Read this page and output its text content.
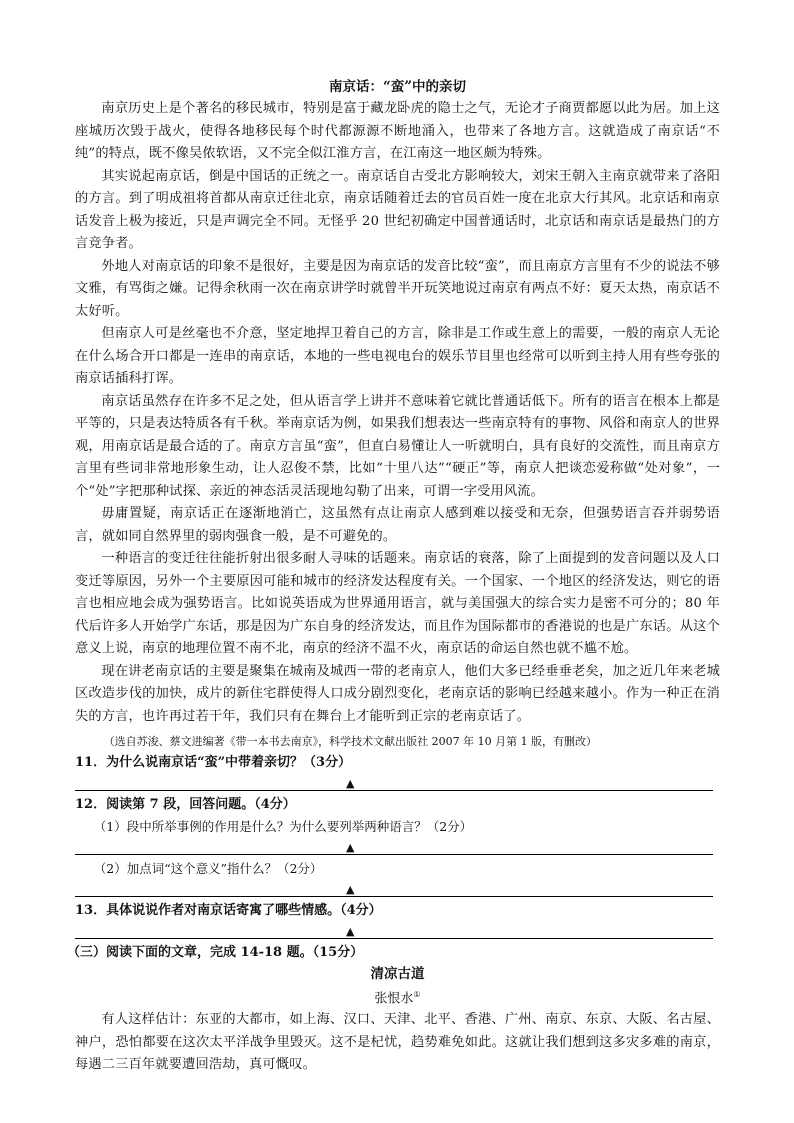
南京话：“蛮”中的亲切

南京历史上是个著名的移民城市，特别是富于藏龙卧虎的隐士之气，无论才子商贾都愿以此为居。加上这座城历次毁于战火，使得各地移民每个时代都源源不断地涌入，也带来了各地方言。这就造成了南京话“不纯”的特点，既不像吴侬软语，又不完全似江淮方言，在江南这一地区颇为特殊。

其实说起南京话，倒是中国话的正统之一。南京话自古受北方影响较大，刘宋王朝入主南京就带来了洛阳的方言。到了明成祖将首都从南京迁往北京，南京话随着迁去的官员百姓一度在北京大行其风。北京话和南京话发音上极为接近，只是声调完全不同。无怪乎 20 世纪初确定中国普通话时，北京话和南京话是最热门的方言竞争者。

外地人对南京话的印象不是很好，主要是因为南京话的发音比较“蛮”，而且南京方言里有不少的说法不够文雅，有骂街之嫌。记得余秋雨一次在南京讲学时就曾半开玩笑地说过南京有两点不好：夏天太热，南京话不太好听。

但南京人可是丝毫也不介意，坚定地捍卫着自己的方言，除非是工作或生意上的需要，一般的南京人无论在什么场合开口都是一连串的南京话，本地的一些电视电台的娱乐节目里也经常可以听到主持人用有些夸张的南京话插科打诨。

南京话虽然存在许多不足之处，但从语言学上讲并不意味着它就比普通话低下。所有的语言在根本上都是平等的，只是表达特质各有千秋。举南京话为例，如果我们想表达一些南京特有的事物、风俗和南京人的世界观，用南京话是最合适的了。南京方言虽“蛮”，但直白易懂让人一听就明白，具有良好的交流性，而且南京方言里有些词非常地形象生动，让人忍俊不禁，比如“十里八达”“硬正”等，南京人把谈恋爱称做“处对象”，一个“处”字把那种试探、亲近的神态活灵活现地勾勒了出来，可谓一字受用风流。

毋庸置疑，南京话正在逐渐地消亡，这虽然有点让南京人感到难以接受和无奈，但强势语言吞并弱势语言，就如同自然界里的弱肉强食一般，是不可避免的。

一种语言的变迁往往能折射出很多耐人寻味的话题来。南京话的衰落，除了上面提到的发音问题以及人口变迁等原因，另外一个主要原因可能和城市的经济发达程度有关。一个国家、一个地区的经济发达，则它的语言也相应地会成为强势语言。比如说英语成为世界通用语言，就与美国强大的综合实力是密不可分的；80 年代后许多人开始学广东话，那是因为广东自身的经济发达，而且作为国际都市的香港说的也是广东话。从这个意义上说，南京的地理位置不南不北，南京的经济不温不火，南京话的命运自然也就不尴不尬。

现在讲老南京话的主要是聚集在城南及城西一带的老南京人，他们大多已经垂垂老矣，加之近几年来老城区改造步伐的加快，成片的新住宅群使得人口成分剧烈变化，老南京话的影响已经越来越小。作为一种正在消失的方言，也许再过若干年，我们只有在舞台上才能听到正宗的老南京话了。

（选自苏浚、蔡文进编著《带一本书去南京》，科学技术文献出版社 2007 年 10 月第 1 版，有删改）

11．为什么说南京话“蛮”中带着亲切？（3分）

▲

12．阅读第 7 段，回答问题。（4分）

（1）段中所举事例的作用是什么？为什么要列举两种语言？（2分）

▲

（2）加点词“这个意义”指什么？（2分）

▲

13．具体说说作者对南京话寄寓了哪些情感。（4分）

▲

（三）阅读下面的文章，完成 14-18 题。（15分）

清凉古道
张恨水①

有人这样估计：东亚的大都市，如上海、汉口、天津、北平、香港、广州、南京、东京、大阪、名古屋、神户，恐怕都要在这次太平洋战争里毁灭。这不是杞忧，趋势难免如此。这就让我们想到这多灾多难的南京，每遇二三百年就要遭回浩劫，真可慨叹。
